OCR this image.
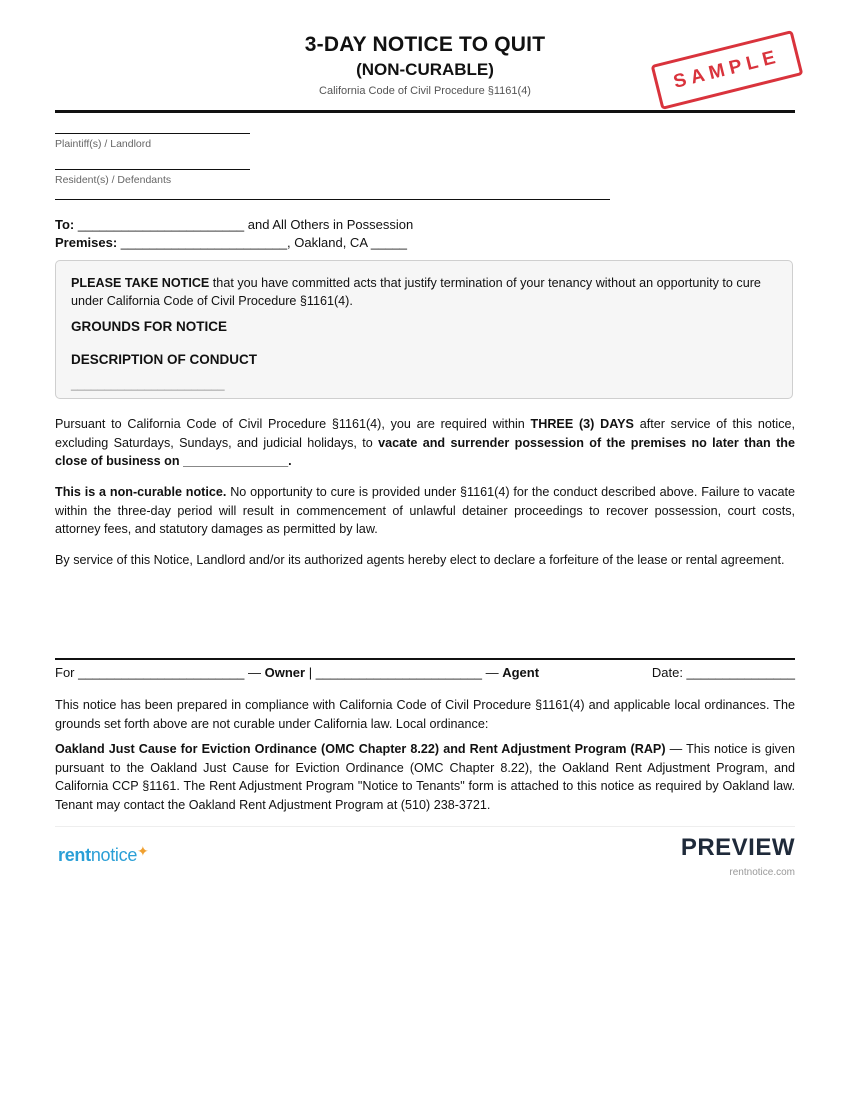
3-DAY NOTICE TO QUIT
(NON-CURABLE)
California Code of Civil Procedure §1161(4)	SAMPLE
Plaintiff(s) / Landlord
Resident(s) / Defendants
To: _______________________ and All Others in Possession
Premises: _______________________, Oakland, CA _____
PLEASE TAKE NOTICE that you have committed acts that justify termination of your tenancy without an opportunity to cure under California Code of Civil Procedure §1161(4).
GROUNDS FOR NOTICE
DESCRIPTION OF CONDUCT
_______________________
Pursuant to California Code of Civil Procedure §1161(4), you are required within THREE (3) DAYS after service of this notice, excluding Saturdays, Sundays, and judicial holidays, to vacate and surrender possession of the premises no later than the close of business on _______________.
This is a non-curable notice. No opportunity to cure is provided under §1161(4) for the conduct described above. Failure to vacate within the three-day period will result in commencement of unlawful detainer proceedings to recover possession, court costs, attorney fees, and statutory damages as permitted by law.
By service of this Notice, Landlord and/or its authorized agents hereby elect to declare a forfeiture of the lease or rental agreement.
For _______________________ — Owner | _______________________ — Agent	Date: _______________
This notice has been prepared in compliance with California Code of Civil Procedure §1161(4) and applicable local ordinances. The grounds set forth above are not curable under California law. Local ordinance:
Oakland Just Cause for Eviction Ordinance (OMC Chapter 8.22) and Rent Adjustment Program (RAP) — This notice is given pursuant to the Oakland Just Cause for Eviction Ordinance (OMC Chapter 8.22), the Oakland Rent Adjustment Program, and California CCP §1161. The Rent Adjustment Program "Notice to Tenants" form is attached to this notice as required by Oakland law. Tenant may contact the Oakland Rent Adjustment Program at (510) 238-3721.
rentnotice✦	PREVIEW
rentnotice.com
